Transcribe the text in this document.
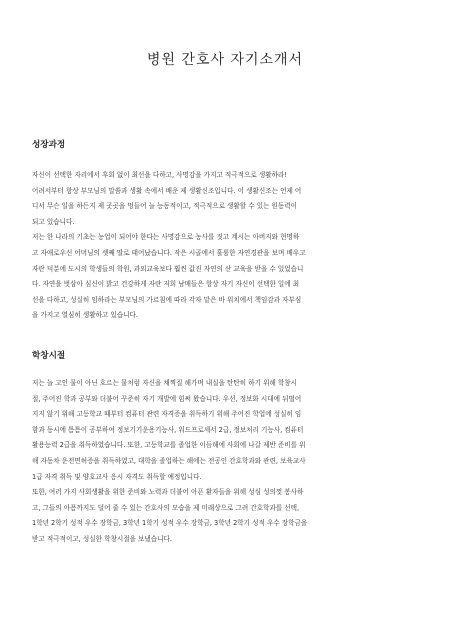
병원 간호사 자기소개서
성장과정
자신이 선택한 자리에서 후회 없이 최선을 다하고, 사명감을 가지고 적극적으로 생활하라!
어려서부터 항상 부모님의 말씀과 생활 속에서 배운 제 생활신조입니다. 이 생활신조는 언제 어
디서 무슨 일을 하든지 제 곳곳을 멍들어 늘 능동적이고, 적극적으로 생활할 수 있는 원동력이
되고 있습니다.
저는 한 나라의 기초는 농업이 되어야 한다는 사명감으로 농사를 짓고 계시는 아버지와 현명하
고 자애로우신 어머님의 셋째 딸로 태어났습니다. 작은 시골에서 훌륭한 자연경관을 보며 배우고
자란 덕분에 도시의 학생들의 학원, 과외교육보다 훨씬 값진 자연의 산 교육을 받을 수 있었습니
다. 자연을 벗삼아 심신이 밝고 건강하게 자란 저희 남매들은 항상 자기 자신이 선택한 일에 최
선을 다하고, 성실히 임하라는 부모님의 가르침에 따라 각자 맡은 바 위치에서 책임감과 자부심
을 가지고 열심히 생활하고 있습니다.
학창시절
저는 늘 고인 물이 아닌 흐르는 물처럼 자신을 채찍질 해가며 내실을 탄탄히 하기 위해 학창시
절, 주어진 학과 공부와 더불어 꾸준히 자기 개발에 힘써 왔습니다. 우선, 정보화 시대에 뒤떨어
지지 않기 위해 고등학교 때부터 컴퓨터 관련 자격증을 취득하기 위해 주어진 학업에 성실히 임
함과 동시에 틈틈이 공부하여 정보기기운용기능사, 워드프로세서 2급, 정보처리 기능사, 컴퓨터
활용능력 2급을 취득하였습니다. 또한, 고등학교를 졸업한 이듬해에 사회에 나갈 제반 준비를 위
해 자동차 운전면허증을 취득하였고, 대학을 졸업하는 해에는 전공인 간호학과와 관련, 보육교사
1급 자격 취득 및 양호교사 응시 자격도 취득할 예정입니다.
또한, 여러 가지 사회생활을 위한 준비와 노력과 더불어 아픈 환자들을 위해 성심 성의껏 봉사하
고, 그들의 아픔까지도 덜어 줄 수 있는 간호사의 모습을 제 미래상으로 그려 간호학과를 선택,
1학년 2학기 성적 우수 장학금, 3학년 1학기 성적 우수 장학금, 3학년 2학기 성적 우수 장학금을
받고 적극적이고, 성실한 학창시절을 보냈습니다.
